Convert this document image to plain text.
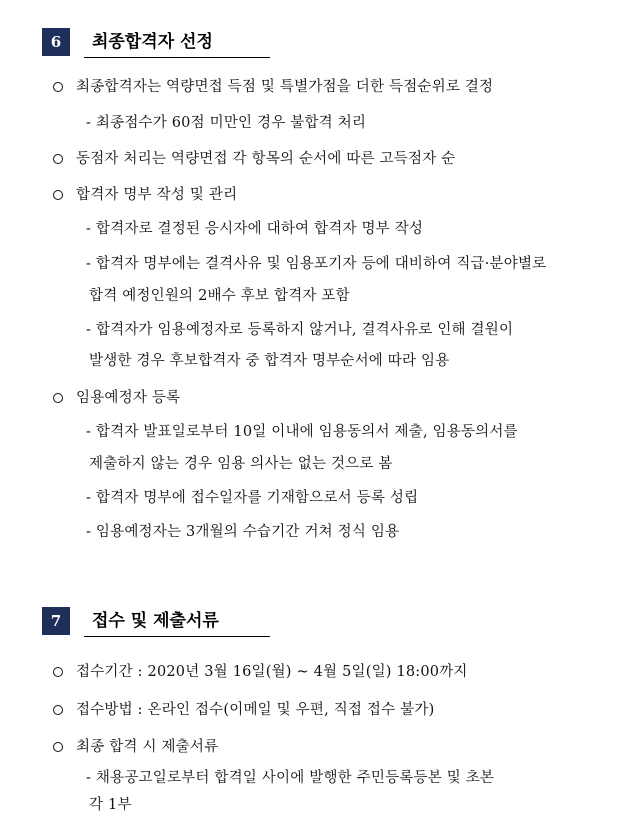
6	최종합격자 선정
최종합격자는 역량면접 득점 및 특별가점을 더한 득점순위로 결정
- 최종점수가 60점 미만인 경우 불합격 처리
동점자 처리는 역량면접 각 항목의 순서에 따른 고득점자 순
합격자 명부 작성 및 관리
- 합격자로 결정된 응시자에 대하여 합격자 명부 작성
- 합격자 명부에는 결격사유 및 임용포기자 등에 대비하여 직급·분야별로
합격 예정인원의 2배수 후보 합격자 포함
- 합격자가 임용예정자로 등록하지 않거나, 결격사유로 인해 결원이
발생한 경우 후보합격자 중 합격자 명부순서에 따라 임용
임용예정자 등록
- 합격자 발표일로부터 10일 이내에 임용동의서 제출, 임용동의서를
제출하지 않는 경우 임용 의사는 없는 것으로 봄
- 합격자 명부에 접수일자를 기재함으로서 등록 성립
- 임용예정자는 3개월의 수습기간 거쳐 정식 임용
7	접수 및 제출서류
접수기간 : 2020년 3월 16일(월) ~ 4월 5일(일) 18:00까지
접수방법 : 온라인 접수(이메일 및 우편, 직접 접수 불가)
최종 합격 시 제출서류
- 채용공고일로부터 합격일 사이에 발행한 주민등록등본 및 초본
각 1부
